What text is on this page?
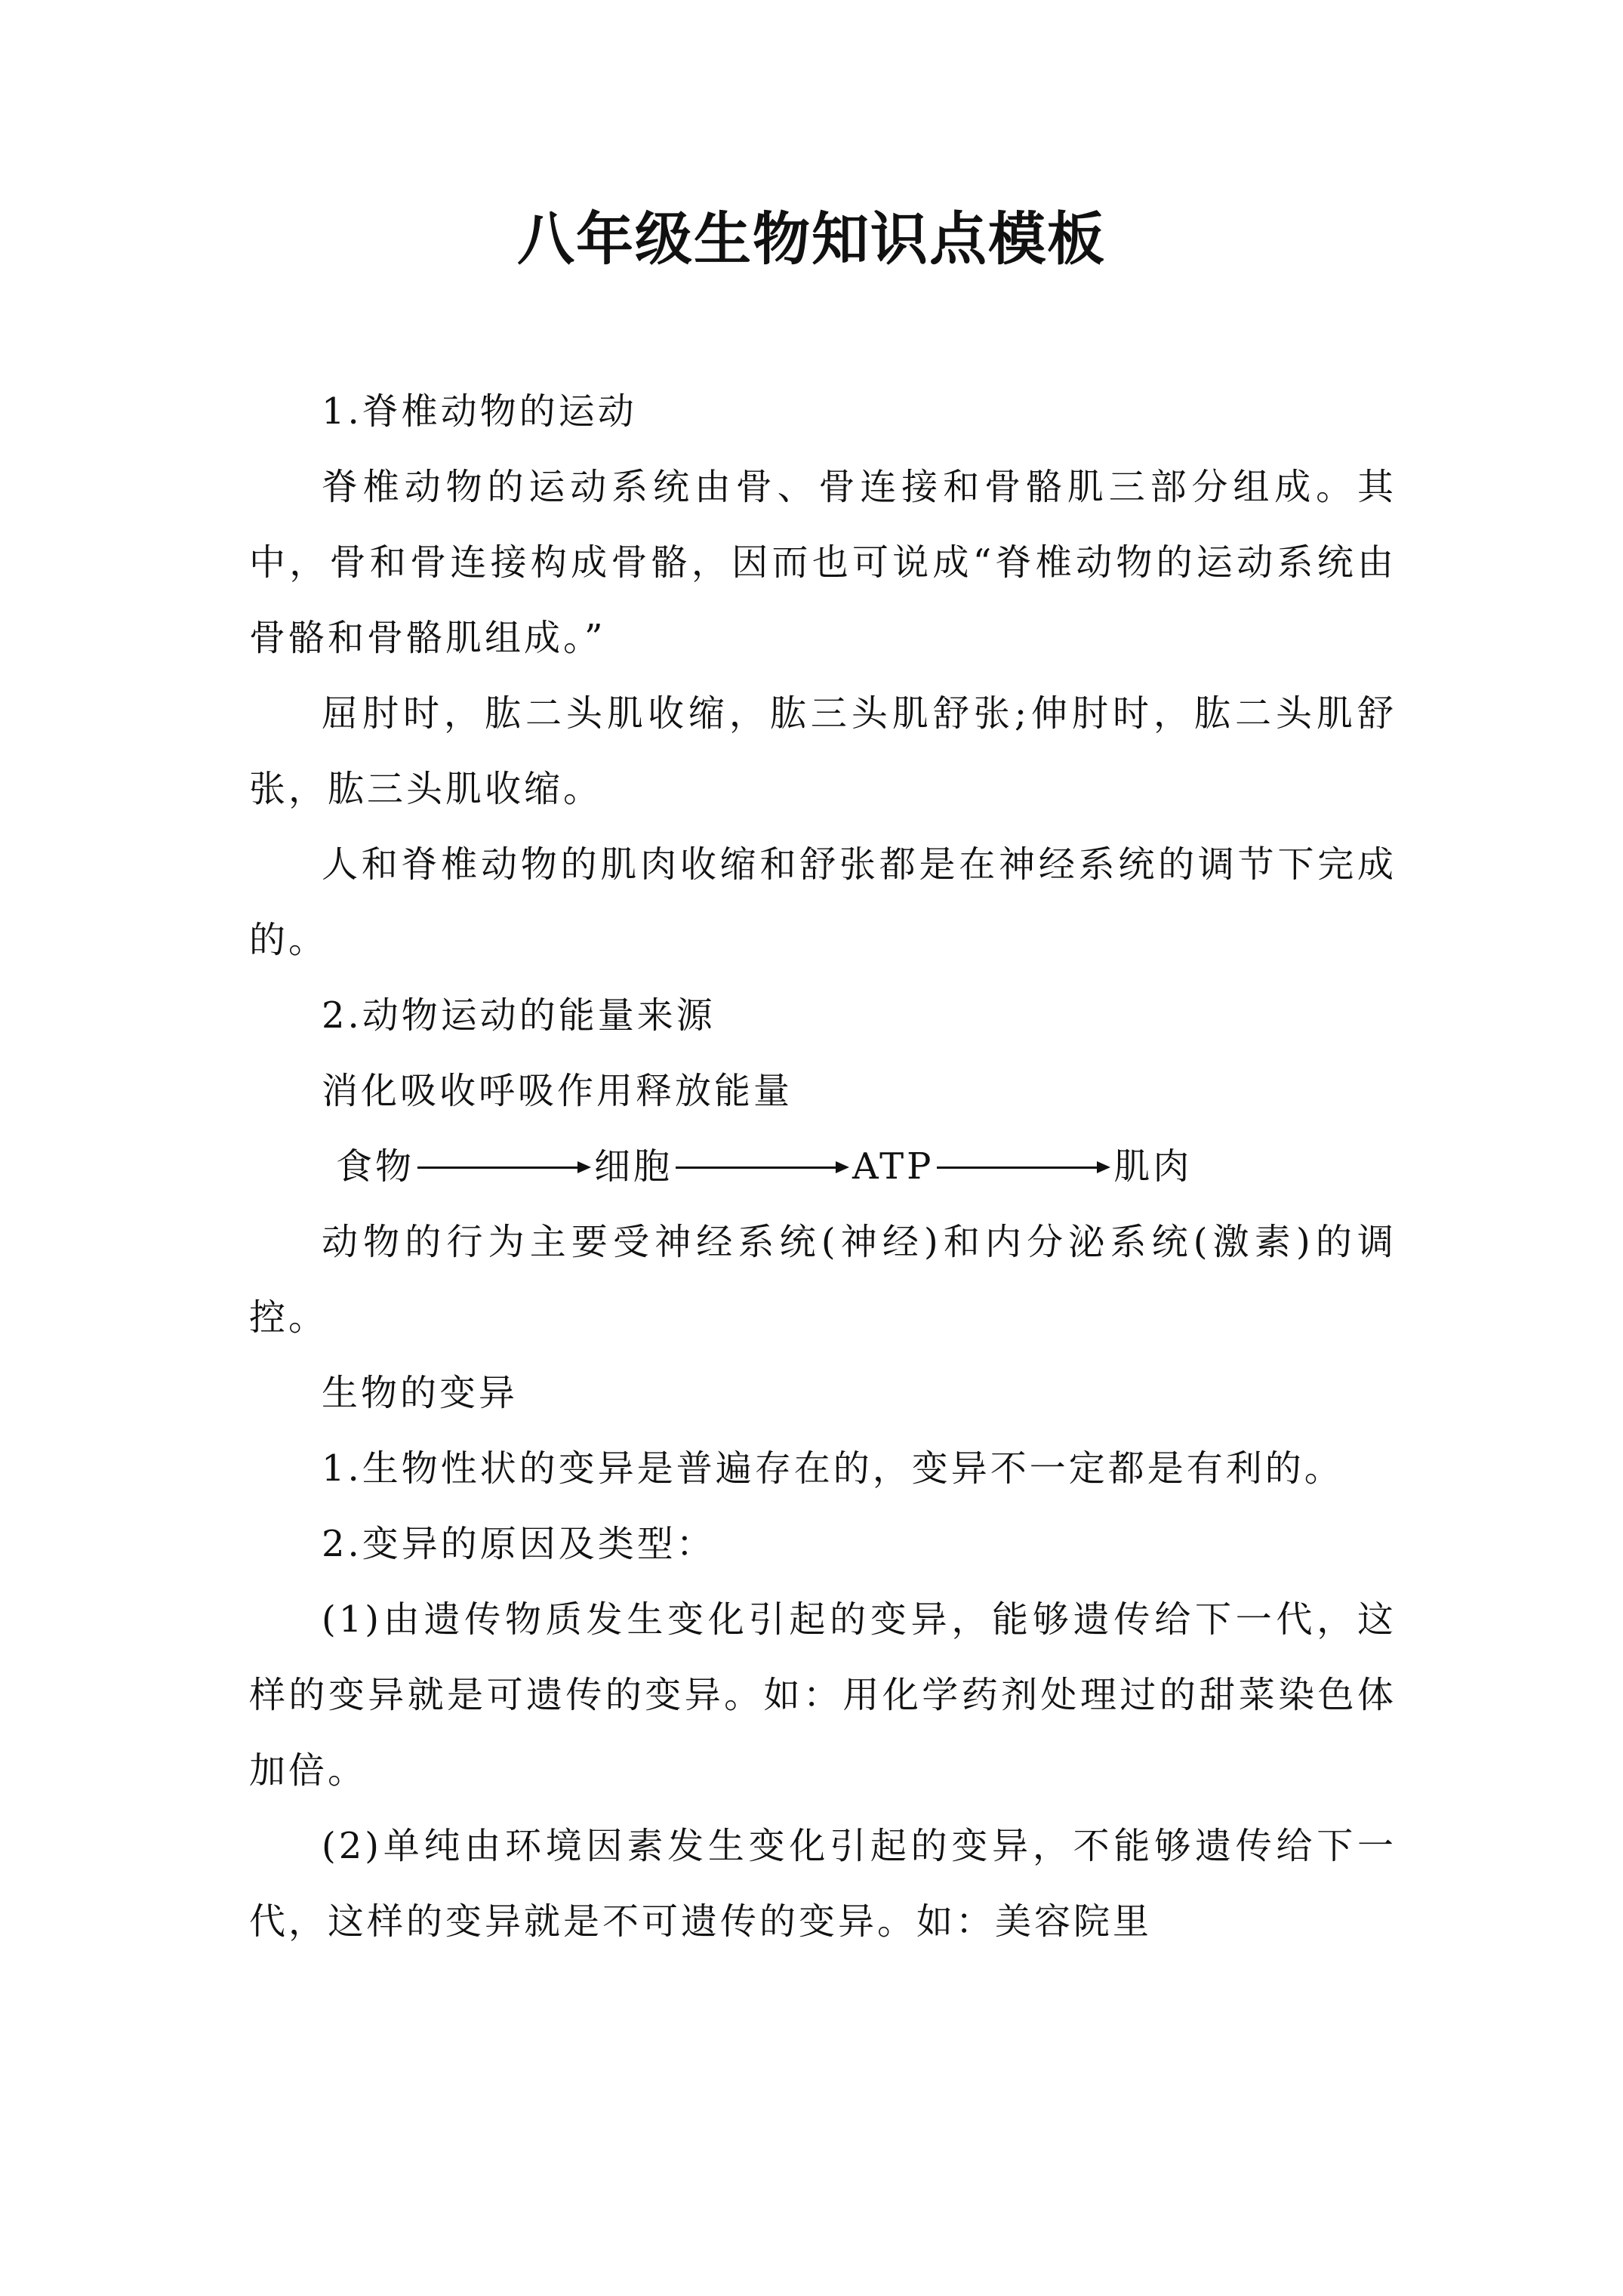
八年级生物知识点模板

1.脊椎动物的运动

脊椎动物的运动系统由骨、骨连接和骨骼肌三部分组成。其中，骨和骨连接构成骨骼，因而也可说成“脊椎动物的运动系统由骨骼和骨骼肌组成。”

屈肘时，肱二头肌收缩，肱三头肌舒张;伸肘时，肱二头肌舒张，肱三头肌收缩。

人和脊椎动物的肌肉收缩和舒张都是在神经系统的调节下完成的。

2.动物运动的能量来源

消化吸收呼吸作用释放能量

食物	细胞	ATP	肌肉

动物的行为主要受神经系统(神经)和内分泌系统(激素)的调控。

生物的变异

1.生物性状的变异是普遍存在的，变异不一定都是有利的。

2.变异的原因及类型：

(1)由遗传物质发生变化引起的变异，能够遗传给下一代，这样的变异就是可遗传的变异。如：用化学药剂处理过的甜菜染色体加倍。

(2)单纯由环境因素发生变化引起的变异，不能够遗传给下一代，这样的变异就是不可遗传的变异。如：美容院里
